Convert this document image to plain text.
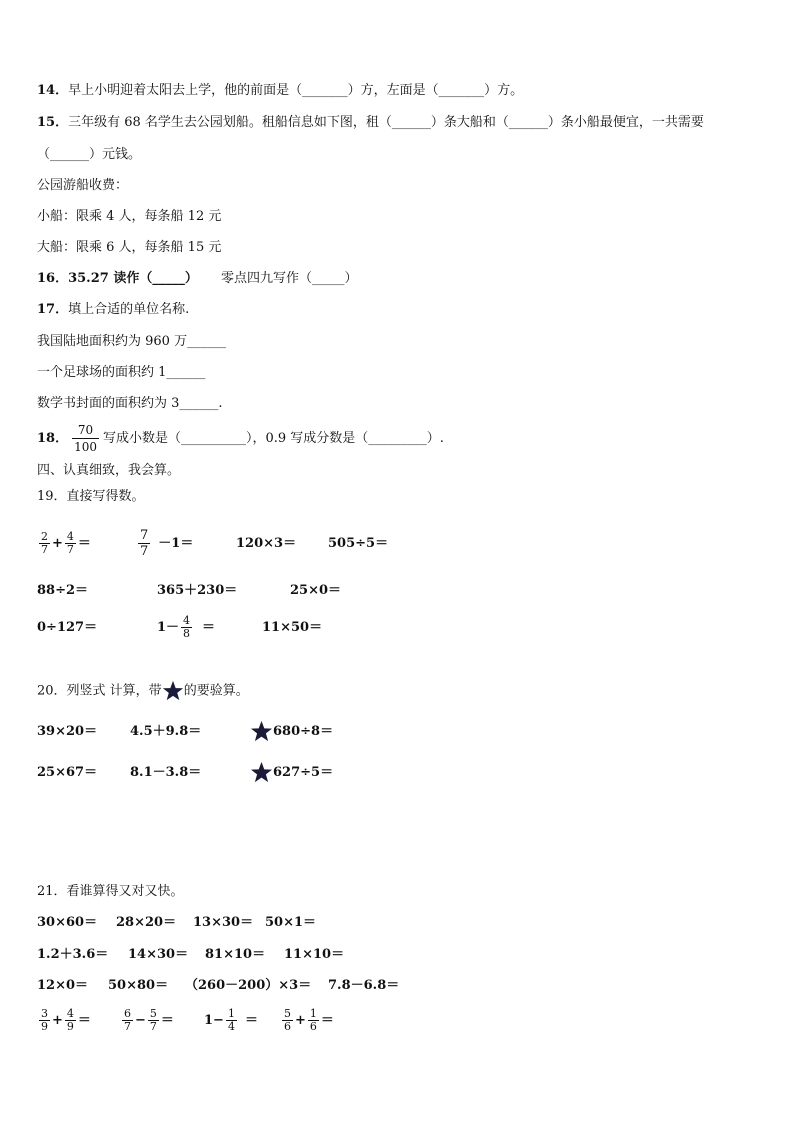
14．早上小明迎着太阳去上学，他的前面是（_______）方，左面是（_______）方。
15．三年级有 68 名学生去公园划船。租船信息如下图，租（______）条大船和（______）条小船最便宜，一共需要
（______）元钱。
公园游船收费：
小船：限乘 4 人，每条船 12 元
大船：限乘 6 人，每条船 15 元
16．35.27 读作（_____） 零点四九写作（_____）
17．填上合适的单位名称.
我国陆地面积约为 960 万______
一个足球场的面积约 1______
数学书封面的面积约为 3______.
18． $\frac{70}{100}$ 写成小数是（__________），0.9 写成分数是（_________）.
四、认真细致，我会算。
19．直接写得数。
$\frac{2}{7} + \frac{4}{7}$ ＝	$\frac{7}{7} -1=$	120×3＝ 505÷5＝
88÷2＝	365＋230＝	25×0＝
0÷127＝	$1- \frac{4}{8}$ ＝	11×50＝
20．列竖式 计算，带 的要验算。
39×20＝	4.5＋9.8＝	680÷8＝
25×67＝	8.1－3.8＝	627÷5＝
21．看谁算得又对又快。
30×60＝ 28×20＝ 13×30＝ 50×1＝
1.2＋3.6＝ 14×30＝ 81×10＝ 11×10＝
12×0＝ 50×80＝ （260－200）×3＝ 7.8－6.8＝
$\frac{3}{9} + \frac{4}{9}$ ＝	$\frac{6}{7} - \frac{5}{7} = 1- \frac{1}{4} = \frac{5}{6} + \frac{1}{6}$ ＝
